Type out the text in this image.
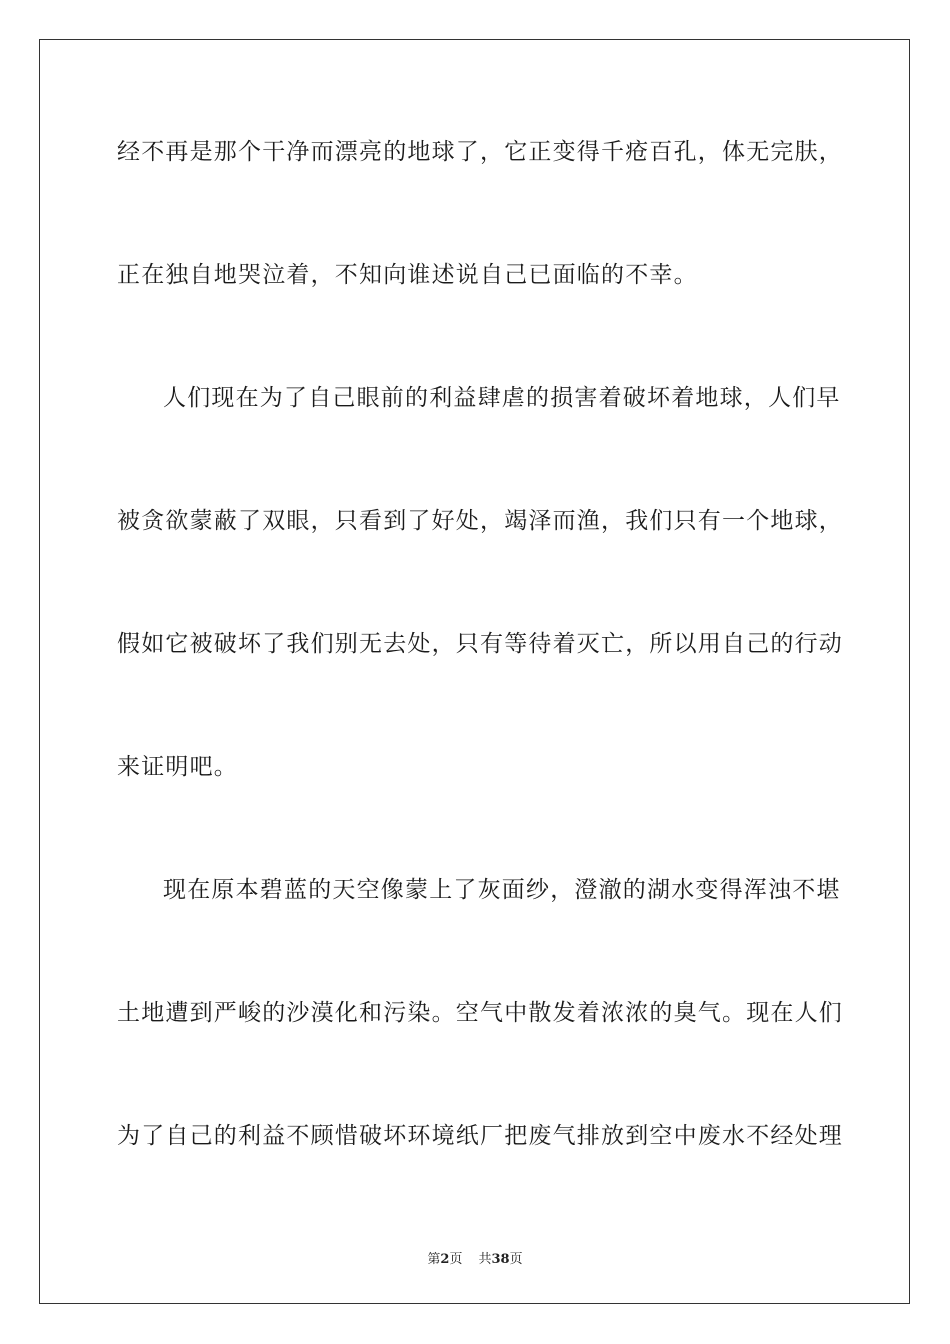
经不再是那个干净而漂亮的地球了，它正变得千疮百孔，体无完肤，
正在独自地哭泣着，不知向谁述说自己已面临的不幸。
人们现在为了自己眼前的利益肆虐的损害着破坏着地球，人们早
被贪欲蒙蔽了双眼，只看到了好处，竭泽而渔，我们只有一个地球，
假如它被破坏了我们别无去处，只有等待着灭亡，所以用自己的行动
来证明吧。
现在原本碧蓝的天空像蒙上了灰面纱，澄澈的湖水变得浑浊不堪
土地遭到严峻的沙漠化和污染。空气中散发着浓浓的臭气。现在人们
为了自己的利益不顾惜破坏环境纸厂把废气排放到空中废水不经处理
第2页 共38页
